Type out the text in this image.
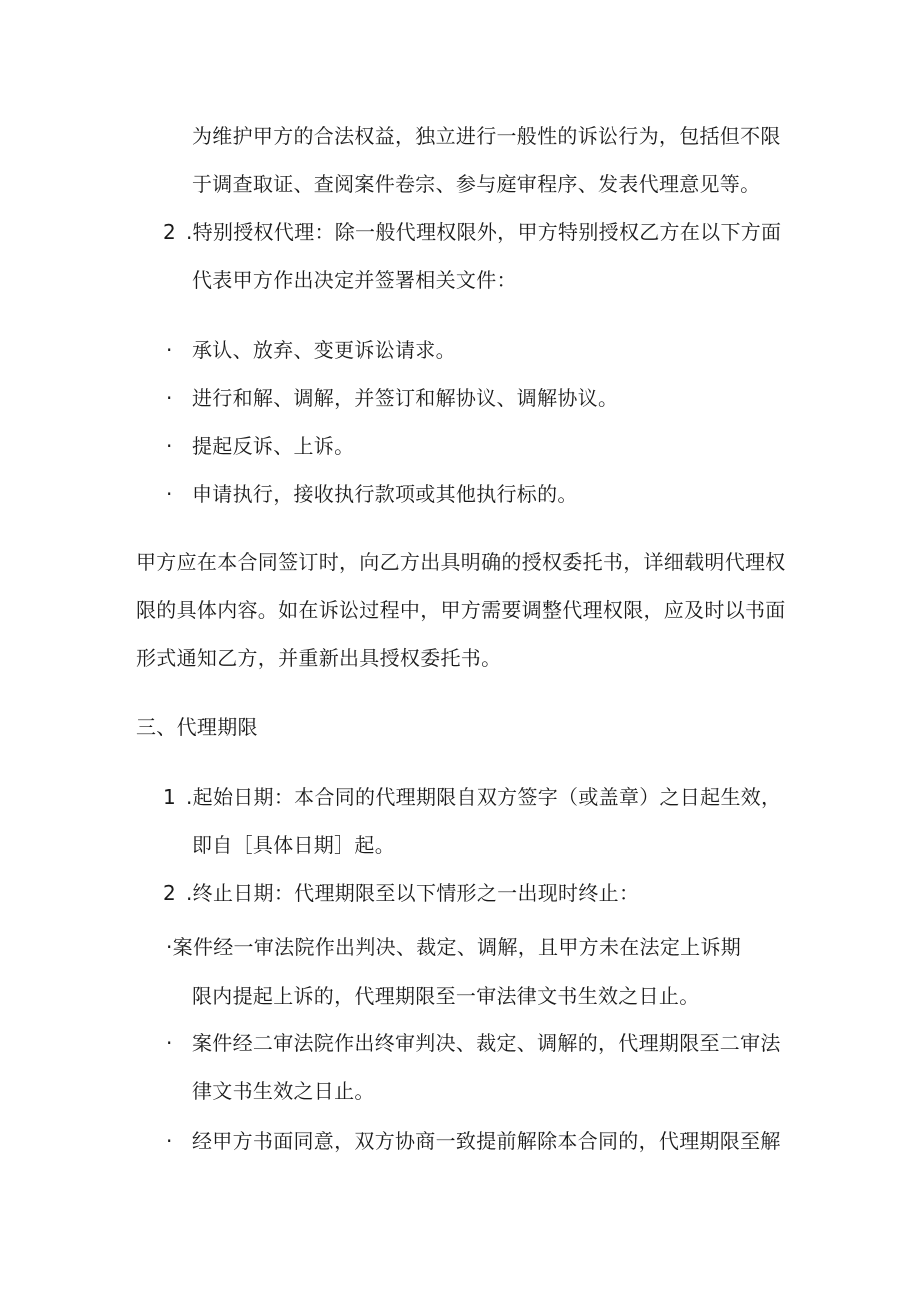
为维护甲方的合法权益，独立进行一般性的诉讼行为，包括但不限
于调查取证、查阅案件卷宗、参与庭审程序、发表代理意见等。
2 .特别授权代理：除一般代理权限外，甲方特别授权乙方在以下方面
代表甲方作出决定并签署相关文件：
· 承认、放弃、变更诉讼请求。
· 进行和解、调解，并签订和解协议、调解协议。
· 提起反诉、上诉。
· 申请执行，接收执行款项或其他执行标的。
甲方应在本合同签订时，向乙方出具明确的授权委托书，详细载明代理权
限的具体内容。如在诉讼过程中，甲方需要调整代理权限，应及时以书面
形式通知乙方，并重新出具授权委托书。
三、代理期限
1 .起始日期：本合同的代理期限自双方签字（或盖章）之日起生效，
即自［具体日期］起。
2 .终止日期：代理期限至以下情形之一出现时终止：
·案件经一审法院作出判决、裁定、调解，且甲方未在法定上诉期
限内提起上诉的，代理期限至一审法律文书生效之日止。
· 案件经二审法院作出终审判决、裁定、调解的，代理期限至二审法
律文书生效之日止。
· 经甲方书面同意，双方协商一致提前解除本合同的，代理期限至解
